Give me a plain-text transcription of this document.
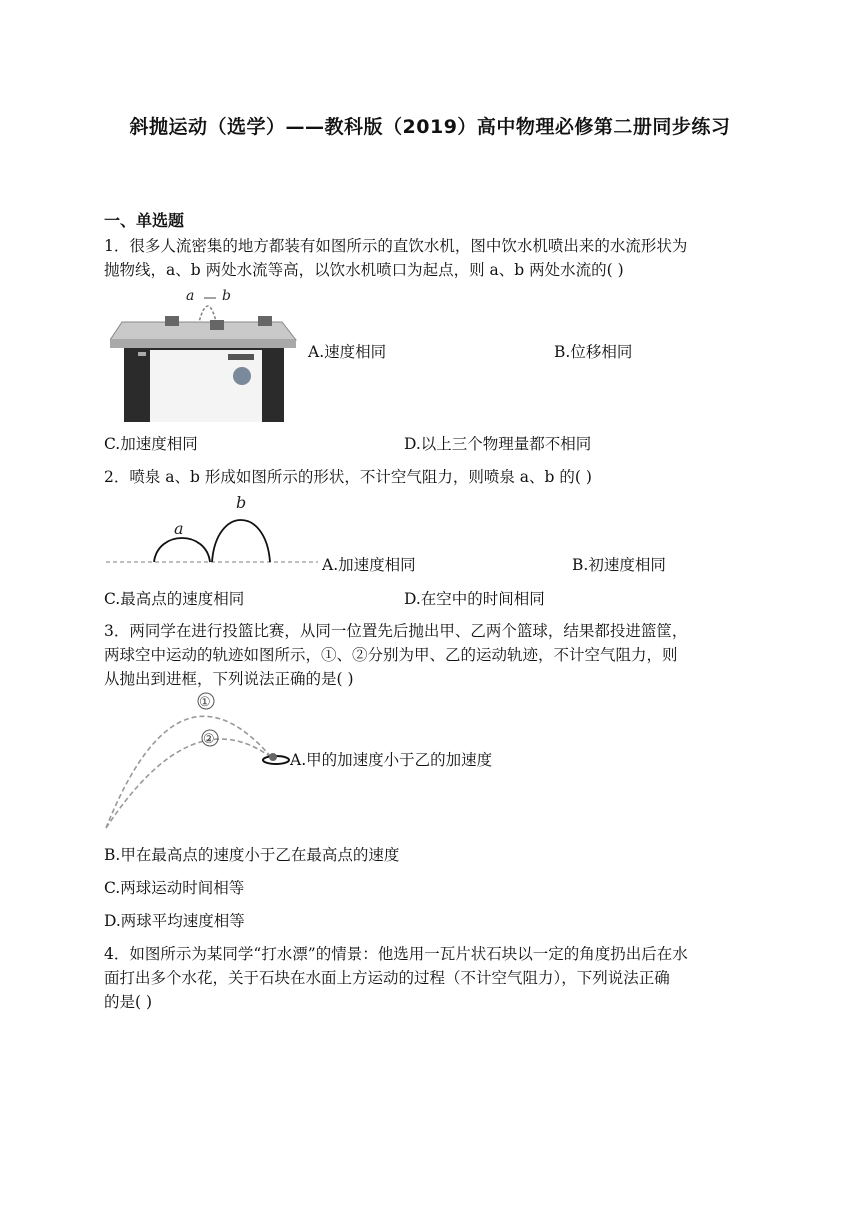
斜抛运动（选学）——教科版（2019）高中物理必修第二册同步练习
一、单选题
1．很多人流密集的地方都装有如图所示的直饮水机，图中饮水机喷出来的水流形状为
抛物线，a、b 两处水流等高，以饮水机喷口为起点，则 a、b 两处水流的( )
a b
A.速度相同	B.位移相同
C.加速度相同	D.以上三个物理量都不相同
2．喷泉 a、b 形成如图所示的形状，不计空气阻力，则喷泉 a、b 的( )
a
b
A.加速度相同	B.初速度相同
C.最高点的速度相同	D.在空中的时间相同
3．两同学在进行投篮比赛，从同一位置先后抛出甲、乙两个篮球，结果都投进篮筐，
两球空中运动的轨迹如图所示，①、②分别为甲、乙的运动轨迹，不计空气阻力，则
从抛出到进框，下列说法正确的是( )
①
②
A.甲的加速度小于乙的加速度
B.甲在最高点的速度小于乙在最高点的速度
C.两球运动时间相等
D.两球平均速度相等
4．如图所示为某同学“打水漂”的情景：他选用一瓦片状石块以一定的角度扔出后在水
面打出多个水花，关于石块在水面上方运动的过程（不计空气阻力），下列说法正确
的是( )
